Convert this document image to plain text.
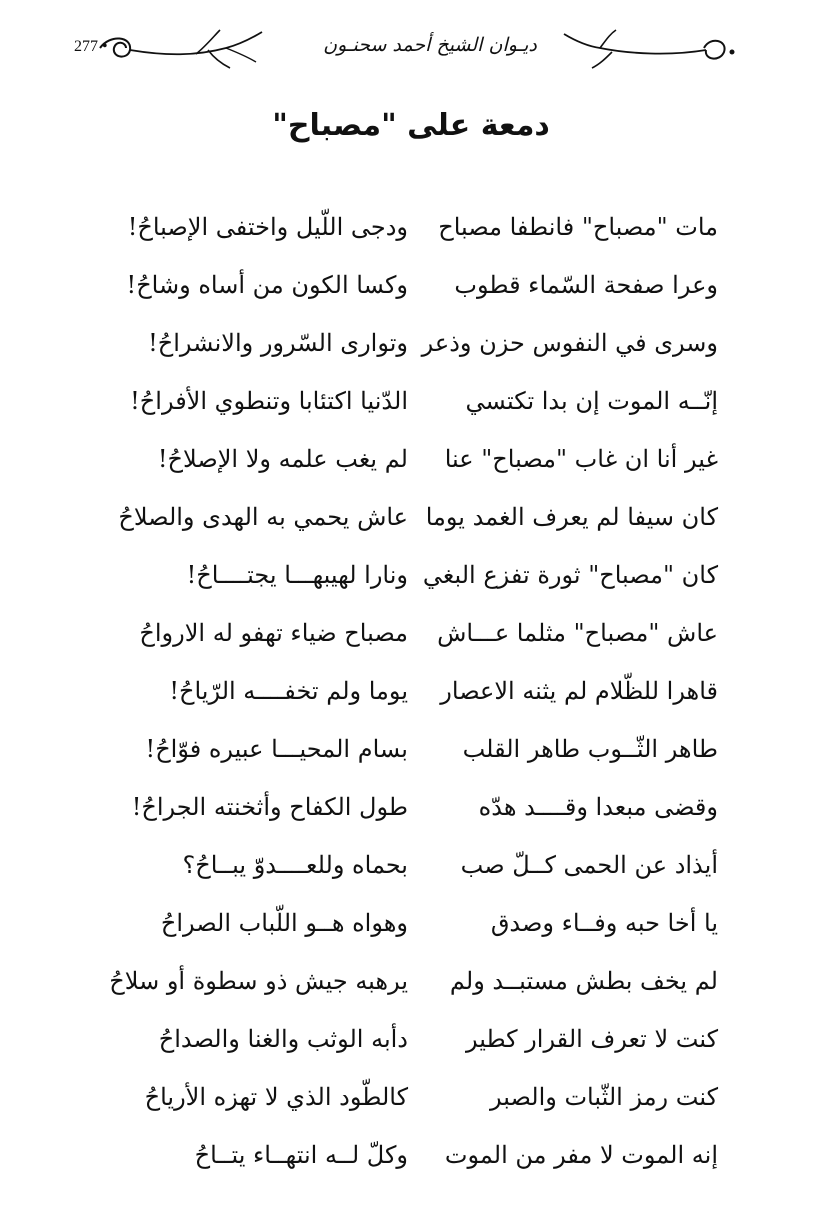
277 •	ديـوان الشيخ أحمد سحنـون
دمعة على "مصباح"
مات "مصباح" فانطفا مصباح
ودجى اللّيل واختفى الإصباحُ!
وعرا صفحة السّماء قطوب
وكسا الكون من أساه وشاحُ!
وسرى في النفوس حزن وذعر
وتوارى السّرور والانشراحُ!
إنّــه الموت إن بدا تكتسي
الدّنيا اكتئابا وتنطوي الأفراحُ!
غير أنا ان غاب "مصباح" عنا
لم يغب علمه ولا الإصلاحُ!
كان سيفا لم يعرف الغمد يوما
عاش يحمي به الهدى والصلاحُ
كان "مصباح" ثورة تفزع البغي
ونارا لهيبهـــا يجتــــاحُ!
عاش "مصباح" مثلما عـــاش
مصباح ضياء تهفو له الارواحُ
قاهرا للظّلام لم يثنه الاعصار
يوما ولم تخفــــه الرّياحُ!
طاهر الثّــوب طاهر القلب
بسام المحيـــا عبيره فوّاحُ!
وقضى مبعدا وقــــد هدّه
طول الكفاح وأثخنته الجراحُ!
أيذاد عن الحمى كــلّ صب
بحماه وللعــــدوّ يبــاحُ؟
يا أخا حبه وفــاء وصدق
وهواه هــو اللّباب الصراحُ
لم يخف بطش مستبــد ولم
يرهبه جيش ذو سطوة أو سلاحُ
كنت لا تعرف القرار كطير
دأبه الوثب والغنا والصداحُ
كنت رمز الثّبات والصبر
كالطّود الذي لا تهزه الأرياحُ
إنه الموت لا مفر من الموت
وكلّ لــه انتهــاء يتــاحُ
